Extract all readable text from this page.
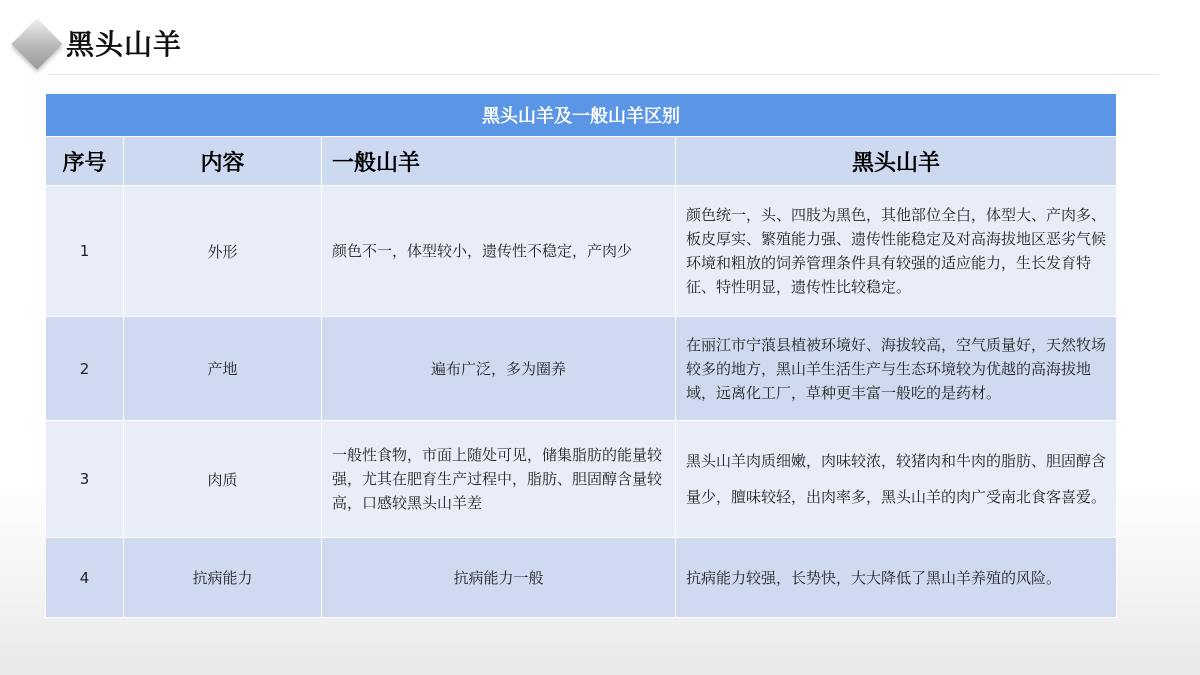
黑头山羊
黑头山羊及一般山羊区别			
序号	内容	一般山羊	黑头山羊
1	外形	颜色不一，体型较小，遗传性不稳定，产肉少	颜色统一，头、四肢为黑色，其他部位全白，体型大、产肉多、板皮厚实、繁殖能力强、遗传性能稳定及对高海拔地区恶劣气候环境和粗放的饲养管理条件具有较强的适应能力，生长发育特征、特性明显，遗传性比较稳定。
2	产地	遍布广泛，多为圈养	在丽江市宁蒗县植被环境好、海拔较高，空气质量好，天然牧场较多的地方，黑山羊生活生产与生态环境较为优越的高海拔地域，远离化工厂，草种更丰富一般吃的是药材。
3	肉质	一般性食物，市面上随处可见，储集脂肪的能量较强，尤其在肥育生产过程中，脂肪、胆固醇含量较高，口感较黑头山羊差	黑头山羊肉质细嫩，肉味较浓，较猪肉和牛肉的脂肪、胆固醇含量少，膻味较轻，出肉率多，黑头山羊的肉广受南北食客喜爱。
4	抗病能力	抗病能力一般	抗病能力较强，长势快，大大降低了黑山羊养殖的风险。
